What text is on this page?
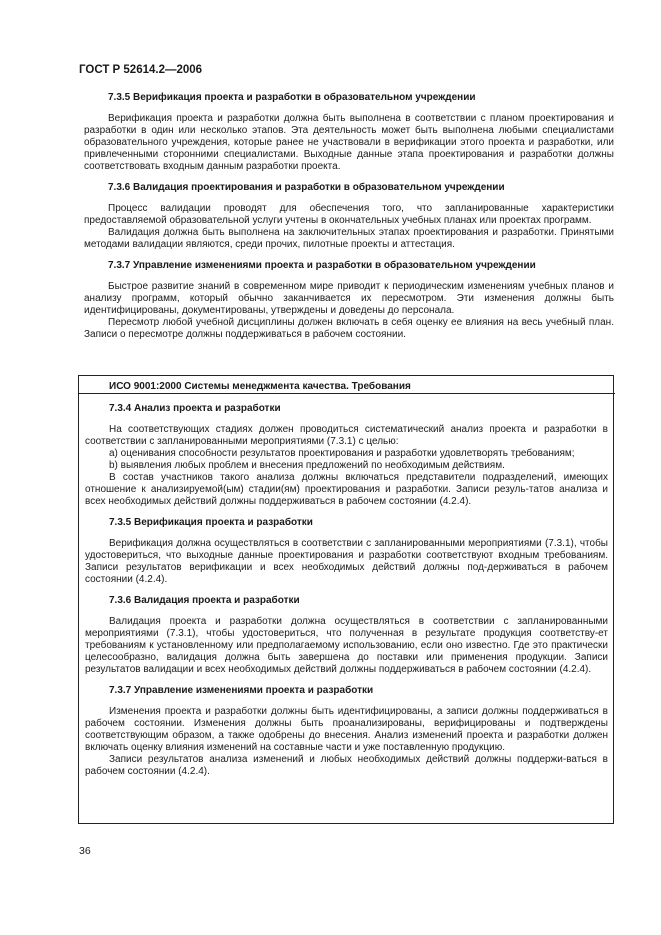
ГОСТ Р 52614.2—2006
7.3.5 Верификация проекта и разработки в образовательном учреждении

Верификация проекта и разработки должна быть выполнена в соответствии с планом проектирования и разработки в один или несколько этапов. Эта деятельность может быть выполнена любыми специалистами образовательного учреждения, которые ранее не участвовали в верификации этого проекта и разработки, или привлеченными сторонними специалистами. Выходные данные этапа проектирования и разработки должны соответствовать входным данным разработки проекта.

7.3.6 Валидация проектирования и разработки в образовательном учреждении

Процесс валидации проводят для обеспечения того, что запланированные характеристики предоставляемой образовательной услуги учтены в окончательных учебных планах или проектах программ.

Валидация должна быть выполнена на заключительных этапах проектирования и разработки. Принятыми методами валидации являются, среди прочих, пилотные проекты и аттестация.

7.3.7 Управление изменениями проекта и разработки в образовательном учреждении

Быстрое развитие знаний в современном мире приводит к периодическим изменениям учебных планов и анализу программ, который обычно заканчивается их пересмотром. Эти изменения должны быть идентифицированы, документированы, утверждены и доведены до персонала.

Пересмотр любой учебной дисциплины должен включать в себя оценку ее влияния на весь учебный план. Записи о пересмотре должны поддерживаться в рабочем состоянии.

ИСО 9001:2000 Системы менеджмента качества. Требования
7.3.4 Анализ проекта и разработки

На соответствующих стадиях должен проводиться систематический анализ проекта и разработки в соответствии с запланированными мероприятиями (7.3.1) с целью:

a) оценивания способности результатов проектирования и разработки удовлетворять требованиям;

b) выявления любых проблем и внесения предложений по необходимым действиям.

В состав участников такого анализа должны включаться представители подразделений, имеющих отношение к анализируемой(ым) стадии(ям) проектирования и разработки. Записи резуль-татов анализа и всех необходимых действий должны поддерживаться в рабочем состоянии (4.2.4).

7.3.5 Верификация проекта и разработки

Верификация должна осуществляться в соответствии с запланированными мероприятиями (7.3.1), чтобы удостовериться, что выходные данные проектирования и разработки соответствуют входным требованиям. Записи результатов верификации и всех необходимых действий должны под-держиваться в рабочем состоянии (4.2.4).

7.3.6 Валидация проекта и разработки

Валидация проекта и разработки должна осуществляться в соответствии с запланированными мероприятиями (7.3.1), чтобы удостовериться, что полученная в результате продукция соответству-ет требованиям к установленному или предполагаемому использованию, если оно известно. Где это практически целесообразно, валидация должна быть завершена до поставки или применения продукции. Записи результатов валидации и всех необходимых действий должны поддерживаться в рабочем состоянии (4.2.4).

7.3.7 Управление изменениями проекта и разработки

Изменения проекта и разработки должны быть идентифицированы, а записи должны поддерживаться в рабочем состоянии. Изменения должны быть проанализированы, верифицированы и подтверждены соответствующим образом, а также одобрены до внесения. Анализ изменений проекта и разработки должен включать оценку влияния изменений на составные части и уже поставленную продукцию.

Записи результатов анализа изменений и любых необходимых действий должны поддержи-ваться в рабочем состоянии (4.2.4).

36
